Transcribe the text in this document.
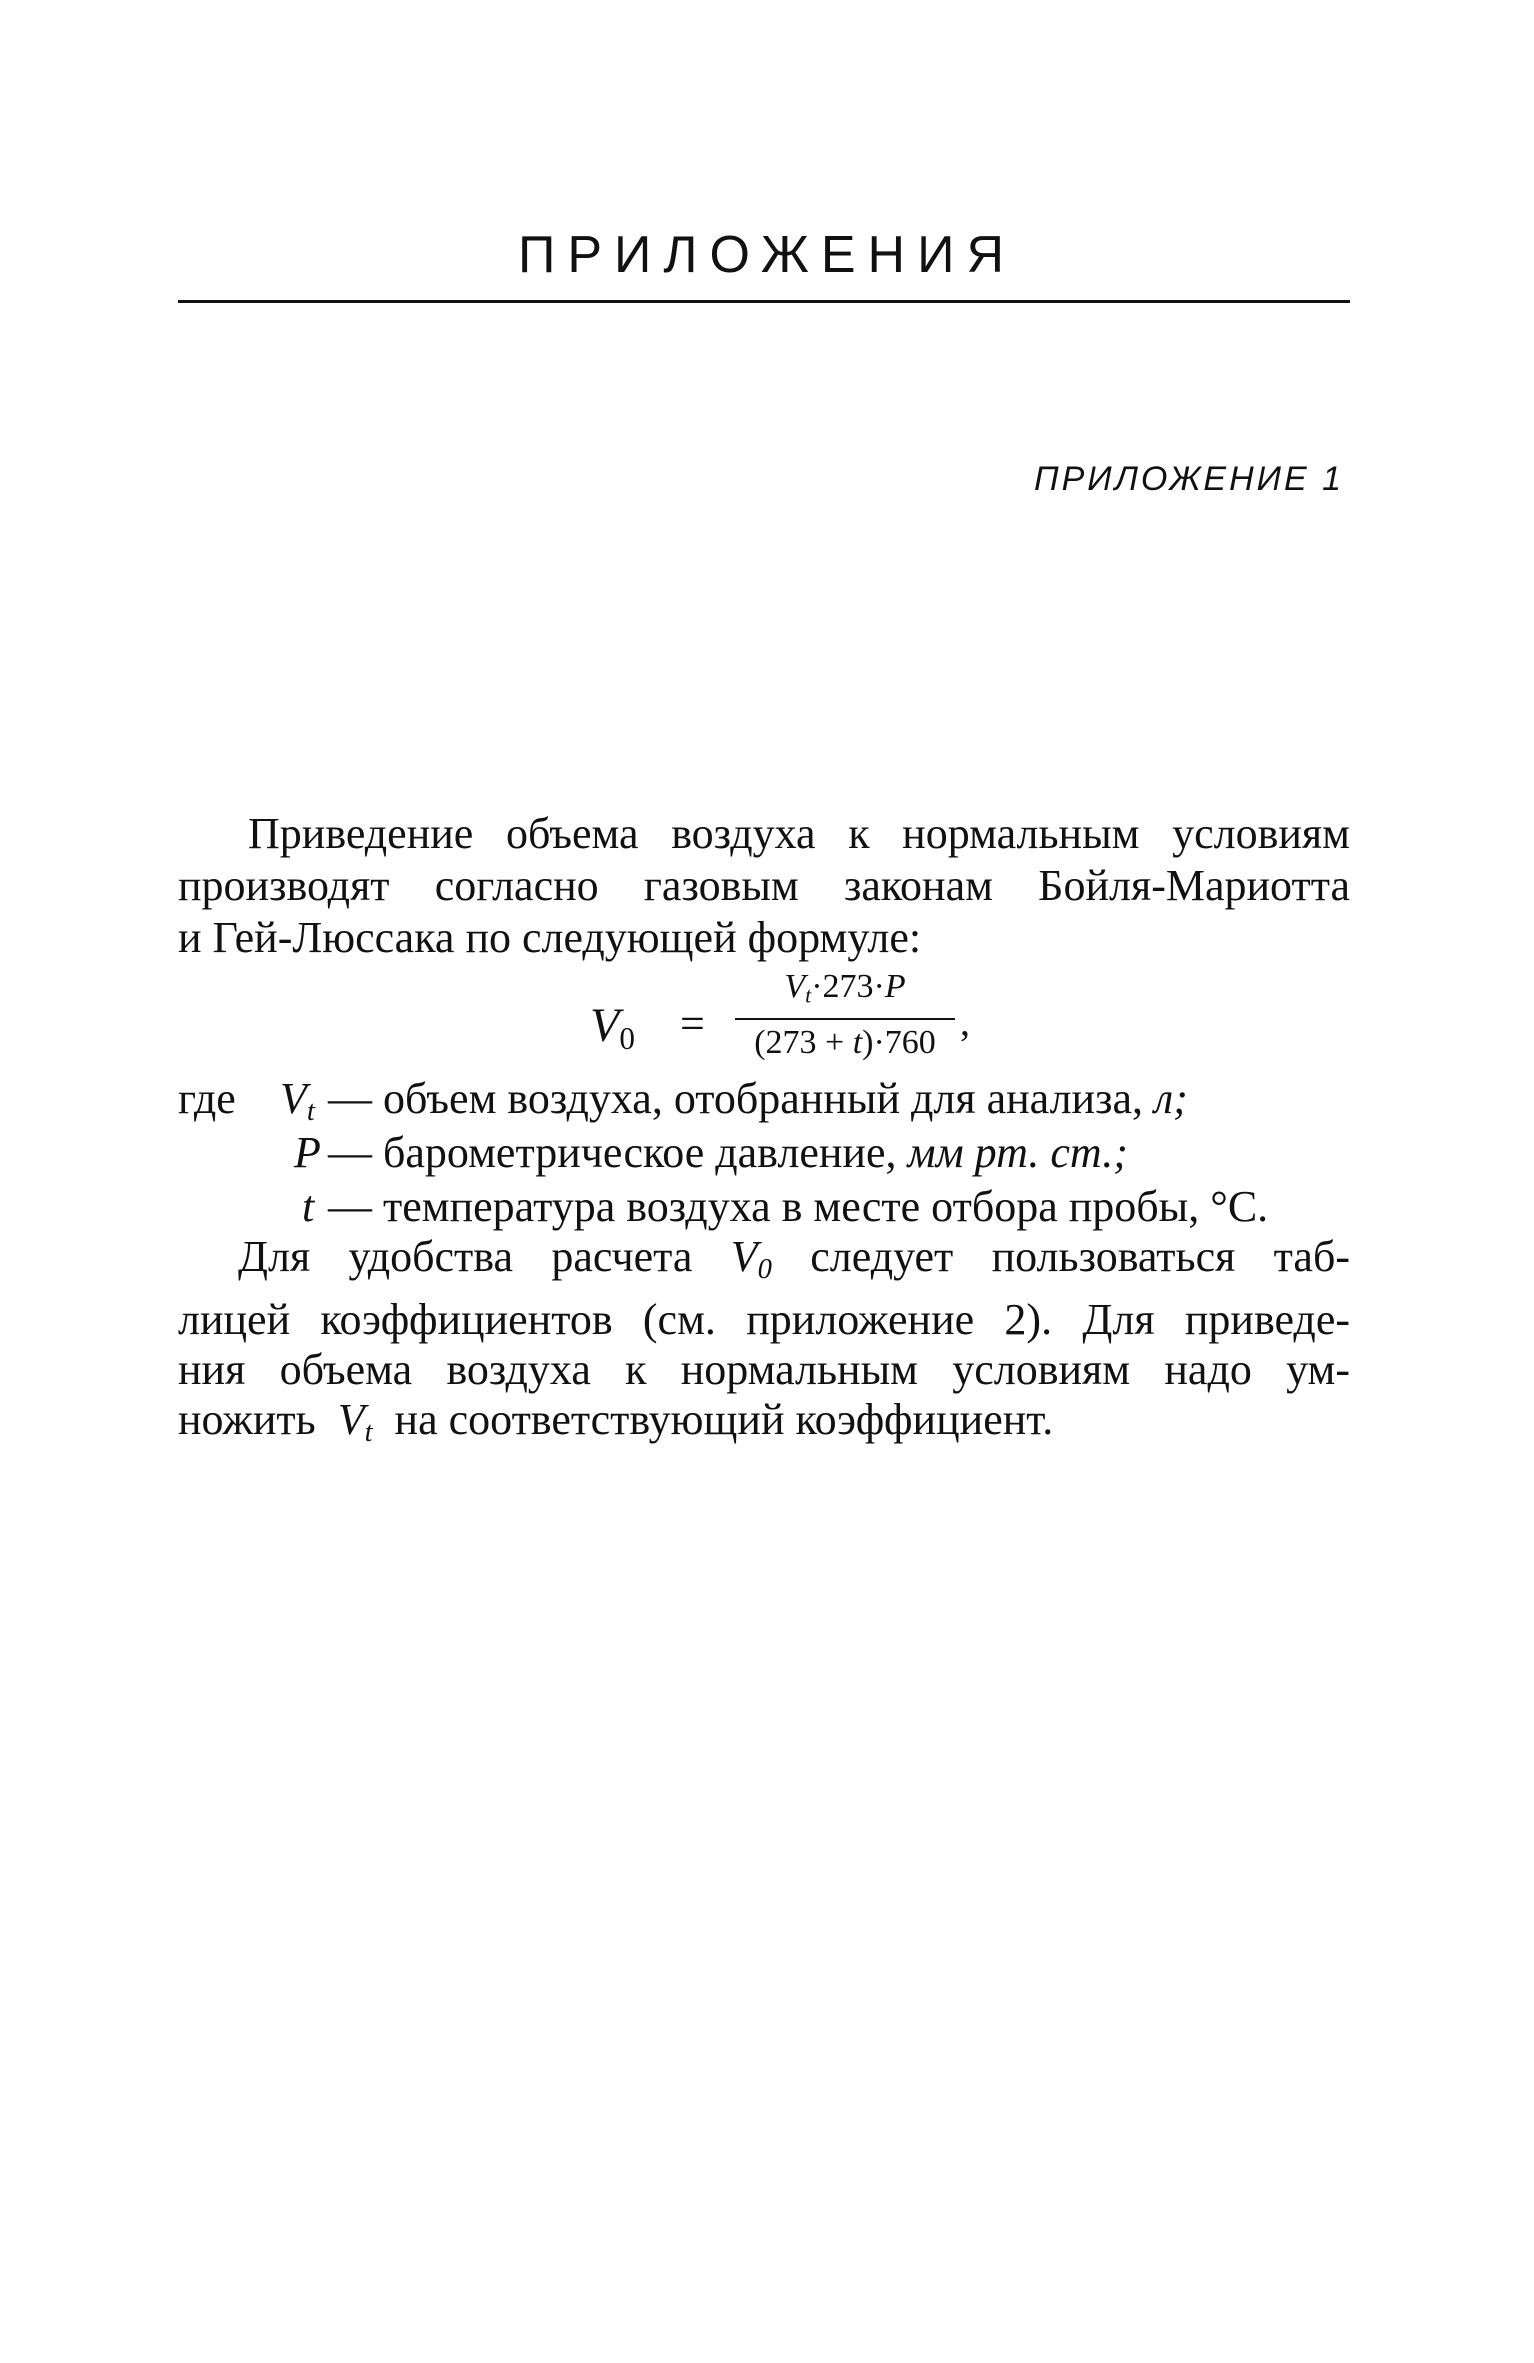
ПРИЛОЖЕНИЯ
ПРИЛОЖЕНИЕ 1
Приведение объема воздуха к нормальным условиям
производят согласно газовым законам Бойля-Мариотта
и Гей-Люссака по следующей формуле:
$V_0$ =
$V_t\cdot 273\cdot P$
(273 + t)·760 ,
где $V_t$ — объем воздуха, отобранный для анализа, л;
P — барометрическое давление, мм рт. ст.;
t — температура воздуха в месте отбора пробы, °С.
Для удобства расчета $V_0$ следует пользоваться таб-
лицей коэффициентов (см. приложение 2). Для приведе-
ния объема воздуха к нормальным условиям надо ум-
ножить $V_t$ на соответствующий коэффициент.
